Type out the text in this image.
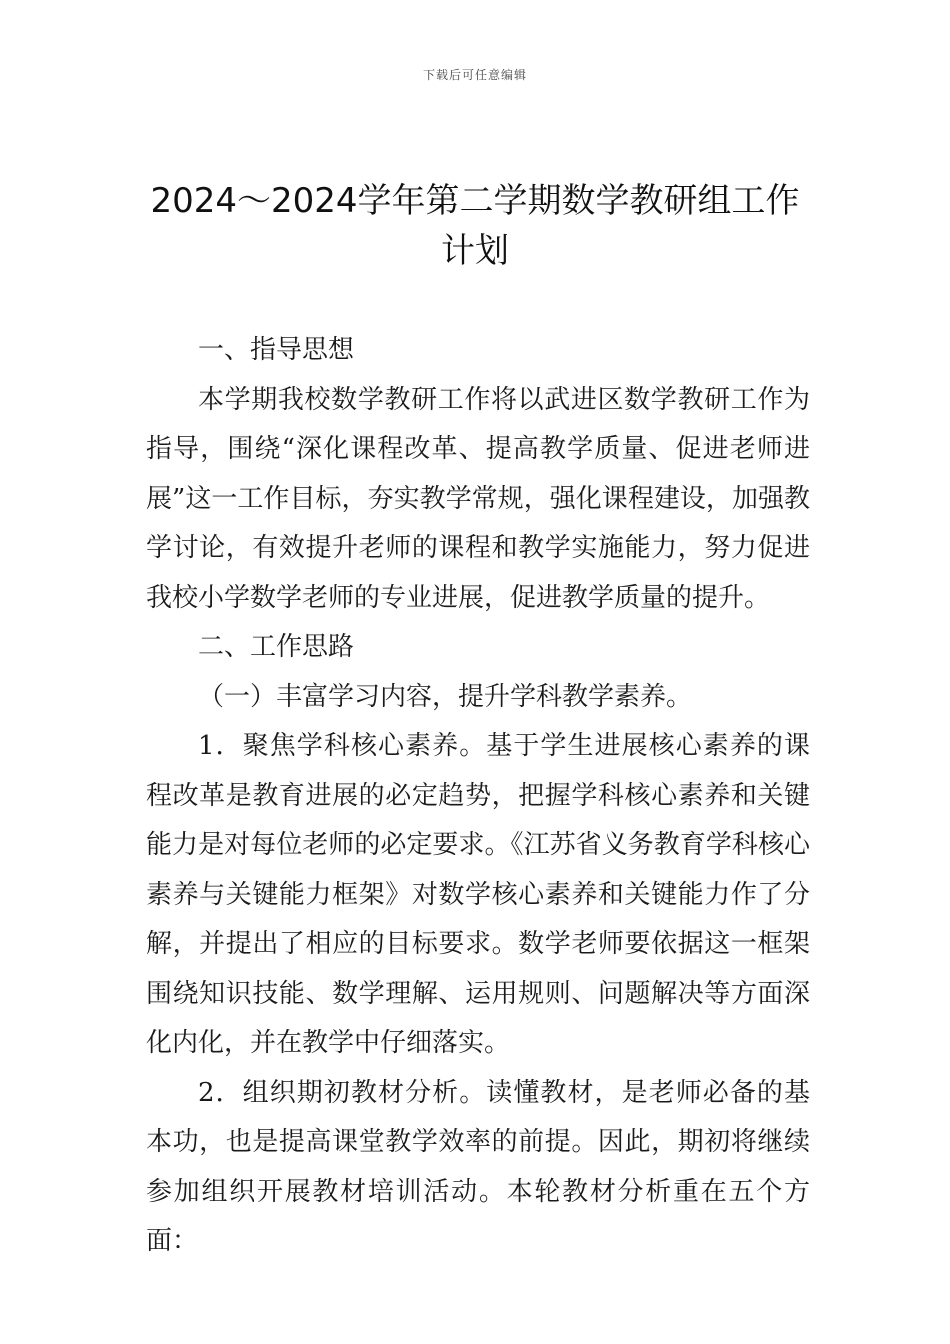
下载后可任意编辑
2024～2024学年第二学期数学教研组工作
计划

一、指导思想

本学期我校数学教研工作将以武进区数学教研工作为指导，围绕“深化课程改革、提高教学质量、促进老师进展”这一工作目标，夯实教学常规，强化课程建设，加强教学讨论，有效提升老师的课程和教学实施能力，努力促进我校小学数学老师的专业进展，促进教学质量的提升。

二、工作思路

（一）丰富学习内容，提升学科教学素养。

1．聚焦学科核心素养。基于学生进展核心素养的课程改革是教育进展的必定趋势，把握学科核心素养和关键能力是对每位老师的必定要求。《江苏省义务教育学科核心素养与关键能力框架》对数学核心素养和关键能力作了分解，并提出了相应的目标要求。数学老师要依据这一框架围绕知识技能、数学理解、运用规则、问题解决等方面深化内化，并在教学中仔细落实。

2．组织期初教材分析。读懂教材，是老师必备的基本功，也是提高课堂教学效率的前提。因此，期初将继续参加组织开展教材培训活动。本轮教材分析重在五个方面：
